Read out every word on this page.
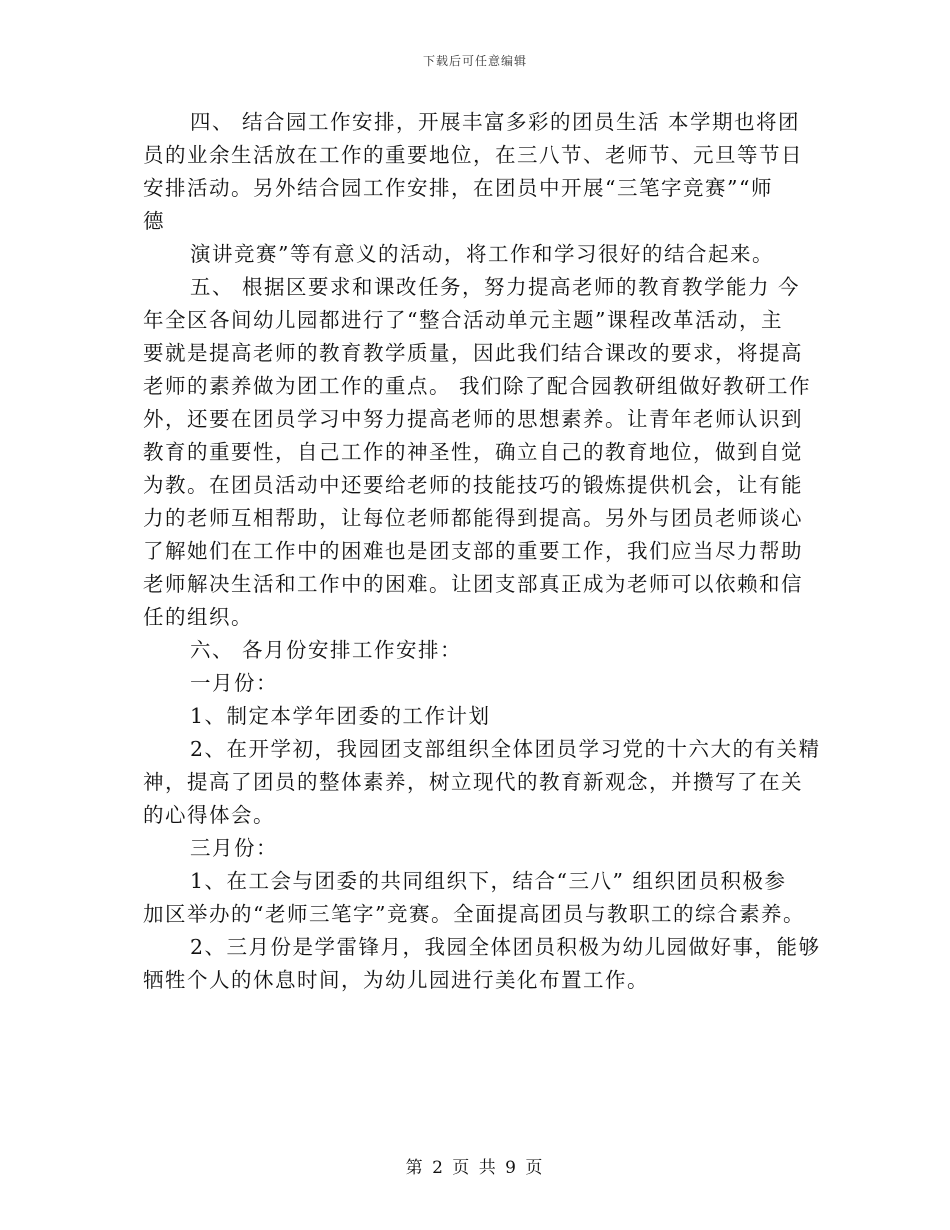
下载后可任意编辑
四、 结合园工作安排，开展丰富多彩的团员生活 本学期也将团
员的业余生活放在工作的重要地位，在三八节、老师节、元旦等节日
安排活动。另外结合园工作安排，在团员中开展“三笔字竞赛”“师
德
演讲竞赛”等有意义的活动，将工作和学习很好的结合起来。
五、 根据区要求和课改任务，努力提高老师的教育教学能力 今
年全区各间幼儿园都进行了“整合活动单元主题”课程改革活动，主
要就是提高老师的教育教学质量，因此我们结合课改的要求，将提高
老师的素养做为团工作的重点。 我们除了配合园教研组做好教研工作
外，还要在团员学习中努力提高老师的思想素养。让青年老师认识到
教育的重要性，自己工作的神圣性，确立自己的教育地位，做到自觉
为教。在团员活动中还要给老师的技能技巧的锻炼提供机会，让有能
力的老师互相帮助，让每位老师都能得到提高。另外与团员老师谈心
了解她们在工作中的困难也是团支部的重要工作，我们应当尽力帮助
老师解决生活和工作中的困难。让团支部真正成为老师可以依赖和信
任的组织。
六、 各月份安排工作安排：
一月份：
1、制定本学年团委的工作计划
2、在开学初，我园团支部组织全体团员学习党的十六大的有关精
神，提高了团员的整体素养，树立现代的教育新观念，并攒写了在关
的心得体会。
三月份：
1、在工会与团委的共同组织下，结合“三八” 组织团员积极参
加区举办的“老师三笔字”竞赛。全面提高团员与教职工的综合素养。
2、三月份是学雷锋月，我园全体团员积极为幼儿园做好事，能够
牺牲个人的休息时间，为幼儿园进行美化布置工作。
第 2 页 共 9 页
